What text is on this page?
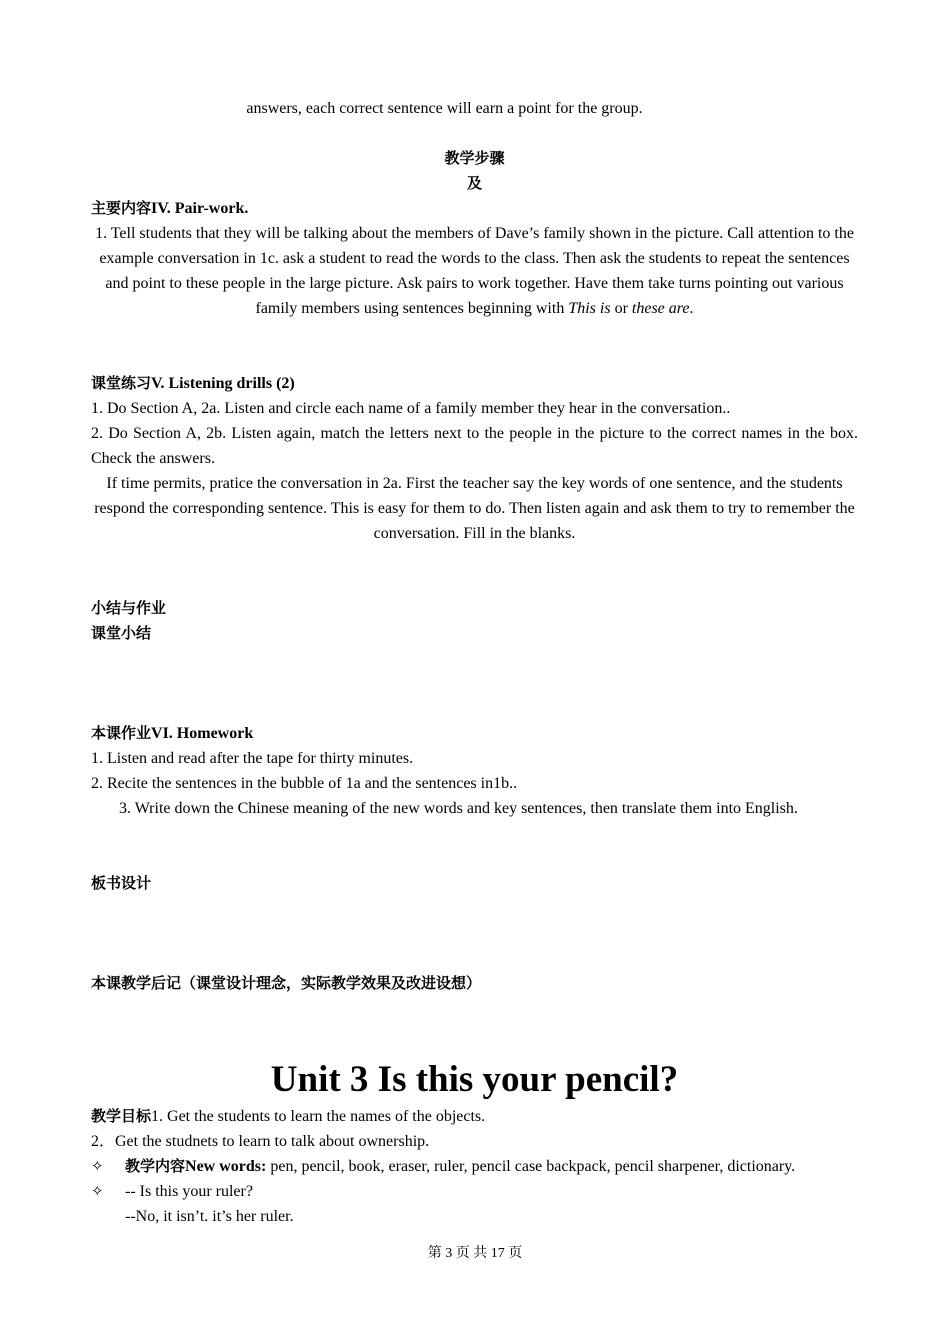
answers, each correct sentence will earn a point for the group.
教学步骤
及
主要内容IV. Pair-work.
1. Tell students that they will be talking about the members of Dave’s family shown in the picture. Call attention to the example conversation in 1c. ask a student to read the words to the class. Then ask the students to repeat the sentences and point to these people in the large picture. Ask pairs to work together. Have them take turns pointing out various family members using sentences beginning with This is or these are.
课堂练习V. Listening drills (2)
1. Do Section A, 2a. Listen and circle each name of a family member they hear in the conversation..
2. Do Section A, 2b. Listen again, match the letters next to the people in the picture to the correct names in the box. Check the answers.
If time permits, pratice the conversation in 2a. First the teacher say the key words of one sentence, and the students respond the corresponding sentence. This is easy for them to do. Then listen again and ask them to try to remember the conversation. Fill in the blanks.
小结与作业
课堂小结
本课作业VI. Homework
1. Listen and read after the tape for thirty minutes.
2. Recite the sentences in the bubble of 1a and the sentences in1b..
3. Write down the Chinese meaning of the new words and key sentences, then translate them into English.
板书设计
本课教学后记（课堂设计理念，实际教学效果及改进设想）
Unit 3 Is this your pencil?
教学目标1. Get the students to learn the names of the objects.
2．Get the studnets to learn to talk about ownership.
✧ 教学内容New words: pen, pencil, book, eraser, ruler, pencil case backpack, pencil sharpener, dictionary.
✧ -- Is this your ruler?
--No, it isn’t. it’s her ruler.
第 3 页 共 17 页
